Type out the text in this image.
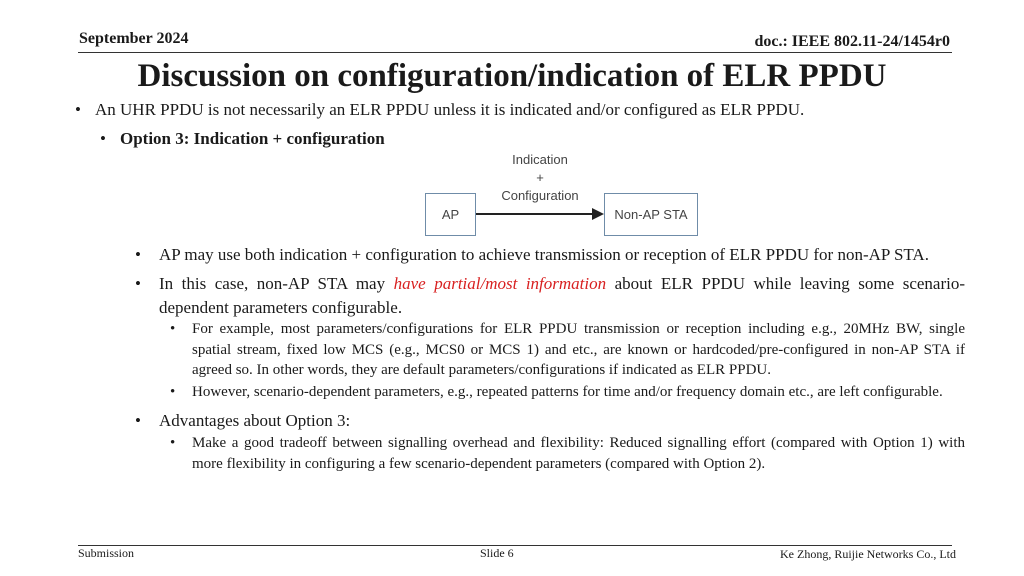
September 2024	doc.: IEEE 802.11-24/1454r0
Discussion on configuration/indication of ELR PPDU
• An UHR PPDU is not necessarily an ELR PPDU unless it is indicated and/or configured as ELR PPDU.
• Option 3: Indication + configuration
Indication
+
Configuration
AP	Non-AP STA
•	AP may use both indication + configuration to achieve transmission or reception of ELR PPDU for non-AP STA.
•	In this case, non-AP STA may have partial/most information about ELR PPDU while leaving some scenario-dependent parameters configurable.
•	For example, most parameters/configurations for ELR PPDU transmission or reception including e.g., 20MHz BW, single spatial stream, fixed low MCS (e.g., MCS0 or MCS 1) and etc., are known or hardcoded/pre-configured in non-AP STA if agreed so. In other words, they are default parameters/configurations if indicated as ELR PPDU.
•	However, scenario-dependent parameters, e.g., repeated patterns for time and/or frequency domain etc., are left configurable.
•	Advantages about Option 3:
•	Make a good tradeoff between signalling overhead and flexibility: Reduced signalling effort (compared with Option 1) with more flexibility in configuring a few scenario-dependent parameters (compared with Option 2).
Submission	Slide 6	Ke Zhong, Ruijie Networks Co., Ltd
